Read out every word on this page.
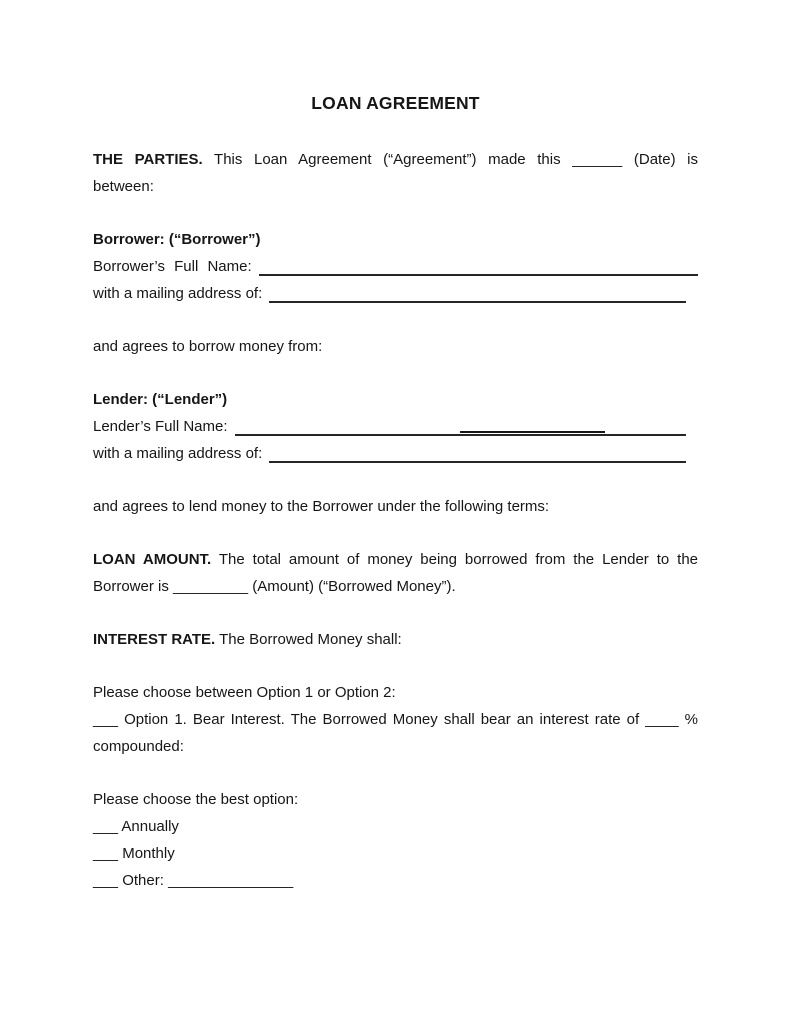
LOAN AGREEMENT

THE PARTIES. This Loan Agreement (“Agreement”) made this ______ (Date) is
between:

Borrower: (“Borrower”)
Borrower’s Full Name:
with a mailing address of:

and agrees to borrow money from:

Lender: (“Lender”)
Lender’s Full Name:
with a mailing address of:

and agrees to lend money to the Borrower under the following terms:

LOAN AMOUNT. The total amount of money being borrowed from the Lender to the
Borrower is _________ (Amount) (“Borrowed Money”).

INTEREST RATE. The Borrowed Money shall:

Please choose between Option 1 or Option 2:
___ Option 1. Bear Interest. The Borrowed Money shall bear an interest rate of ____ %
compounded:

Please choose the best option:
___ Annually
___ Monthly
___ Other: _______________
